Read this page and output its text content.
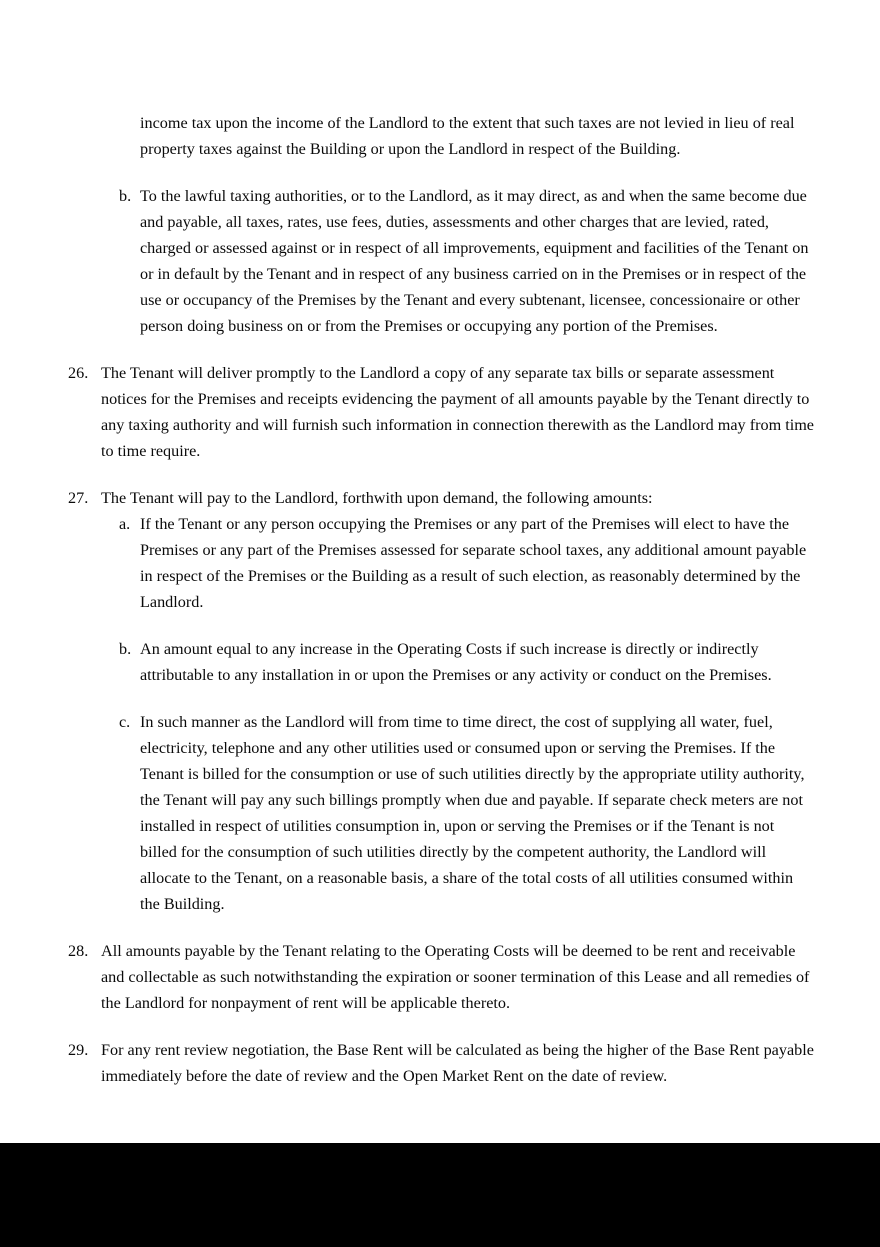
income tax upon the income of the Landlord to the extent that such taxes are not levied in lieu of real property taxes against the Building or upon the Landlord in respect of the Building.

b. To the lawful taxing authorities, or to the Landlord, as it may direct, as and when the same become due and payable, all taxes, rates, use fees, duties, assessments and other charges that are levied, rated, charged or assessed against or in respect of all improvements, equipment and facilities of the Tenant on or in default by the Tenant and in respect of any business carried on in the Premises or in respect of the use or occupancy of the Premises by the Tenant and every subtenant, licensee, concessionaire or other person doing business on or from the Premises or occupying any portion of the Premises.
26. The Tenant will deliver promptly to the Landlord a copy of any separate tax bills or separate assessment notices for the Premises and receipts evidencing the payment of all amounts payable by the Tenant directly to any taxing authority and will furnish such information in connection therewith as the Landlord may from time to time require.
27. The Tenant will pay to the Landlord, forthwith upon demand, the following amounts:
a. If the Tenant or any person occupying the Premises or any part of the Premises will elect to have the Premises or any part of the Premises assessed for separate school taxes, any additional amount payable in respect of the Premises or the Building as a result of such election, as reasonably determined by the Landlord.
b. An amount equal to any increase in the Operating Costs if such increase is directly or indirectly attributable to any installation in or upon the Premises or any activity or conduct on the Premises.
c. In such manner as the Landlord will from time to time direct, the cost of supplying all water, fuel, electricity, telephone and any other utilities used or consumed upon or serving the Premises. If the Tenant is billed for the consumption or use of such utilities directly by the appropriate utility authority, the Tenant will pay any such billings promptly when due and payable. If separate check meters are not installed in respect of utilities consumption in, upon or serving the Premises or if the Tenant is not billed for the consumption of such utilities directly by the competent authority, the Landlord will allocate to the Tenant, on a reasonable basis, a share of the total costs of all utilities consumed within the Building.
28. All amounts payable by the Tenant relating to the Operating Costs will be deemed to be rent and receivable and collectable as such notwithstanding the expiration or sooner termination of this Lease and all remedies of the Landlord for nonpayment of rent will be applicable thereto.
29. For any rent review negotiation, the Base Rent will be calculated as being the higher of the Base Rent payable immediately before the date of review and the Open Market Rent on the date of review.
